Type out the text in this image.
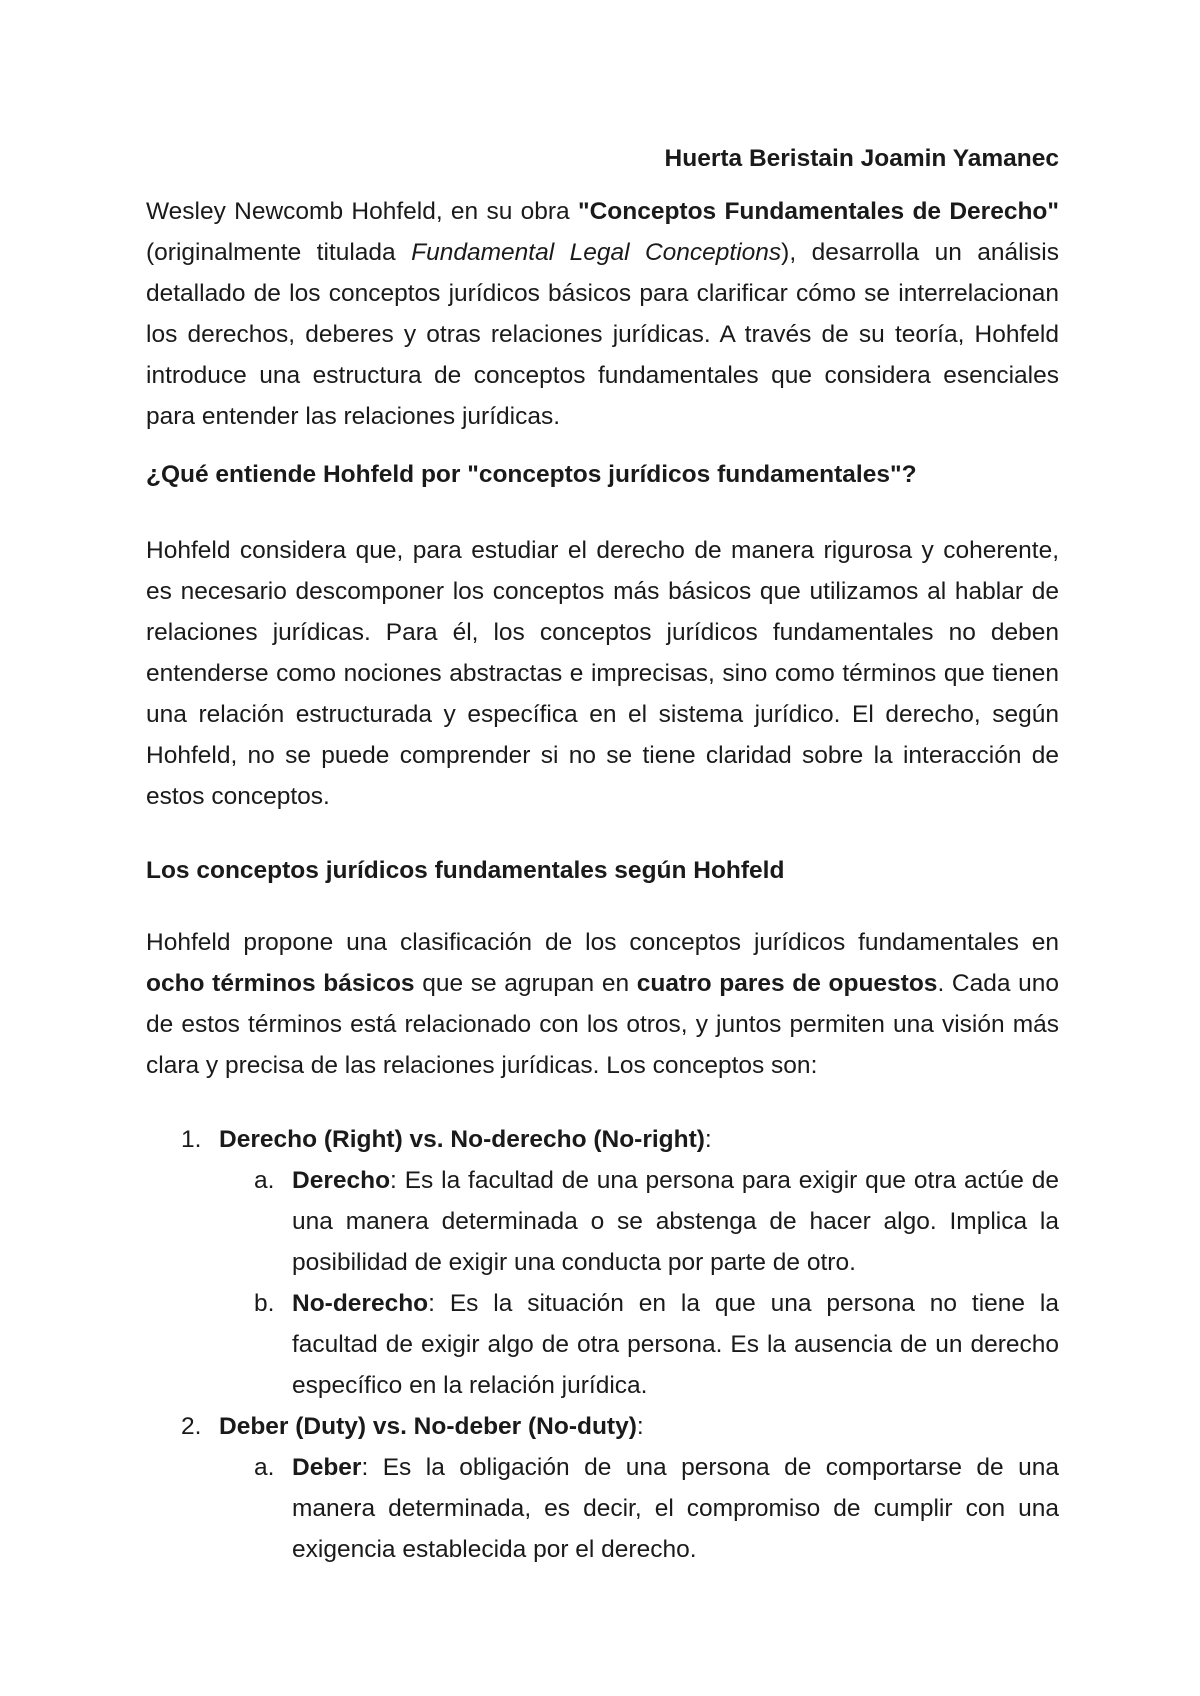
Huerta Beristain Joamin Yamanec

Wesley Newcomb Hohfeld, en su obra "Conceptos Fundamentales de Derecho" (originalmente titulada Fundamental Legal Conceptions), desarrolla un análisis detallado de los conceptos jurídicos básicos para clarificar cómo se interrelacionan los derechos, deberes y otras relaciones jurídicas. A través de su teoría, Hohfeld introduce una estructura de conceptos fundamentales que considera esenciales para entender las relaciones jurídicas.

¿Qué entiende Hohfeld por "conceptos jurídicos fundamentales"?

Hohfeld considera que, para estudiar el derecho de manera rigurosa y coherente, es necesario descomponer los conceptos más básicos que utilizamos al hablar de relaciones jurídicas. Para él, los conceptos jurídicos fundamentales no deben entenderse como nociones abstractas e imprecisas, sino como términos que tienen una relación estructurada y específica en el sistema jurídico. El derecho, según Hohfeld, no se puede comprender si no se tiene claridad sobre la interacción de estos conceptos.

Los conceptos jurídicos fundamentales según Hohfeld

Hohfeld propone una clasificación de los conceptos jurídicos fundamentales en ocho términos básicos que se agrupan en cuatro pares de opuestos. Cada uno de estos términos está relacionado con los otros, y juntos permiten una visión más clara y precisa de las relaciones jurídicas. Los conceptos son:

1. Derecho (Right) vs. No-derecho (No-right):
a. Derecho: Es la facultad de una persona para exigir que otra actúe de una manera determinada o se abstenga de hacer algo. Implica la posibilidad de exigir una conducta por parte de otro.
b. No-derecho: Es la situación en la que una persona no tiene la facultad de exigir algo de otra persona. Es la ausencia de un derecho específico en la relación jurídica.
2. Deber (Duty) vs. No-deber (No-duty):
a. Deber: Es la obligación de una persona de comportarse de una manera determinada, es decir, el compromiso de cumplir con una exigencia establecida por el derecho.
